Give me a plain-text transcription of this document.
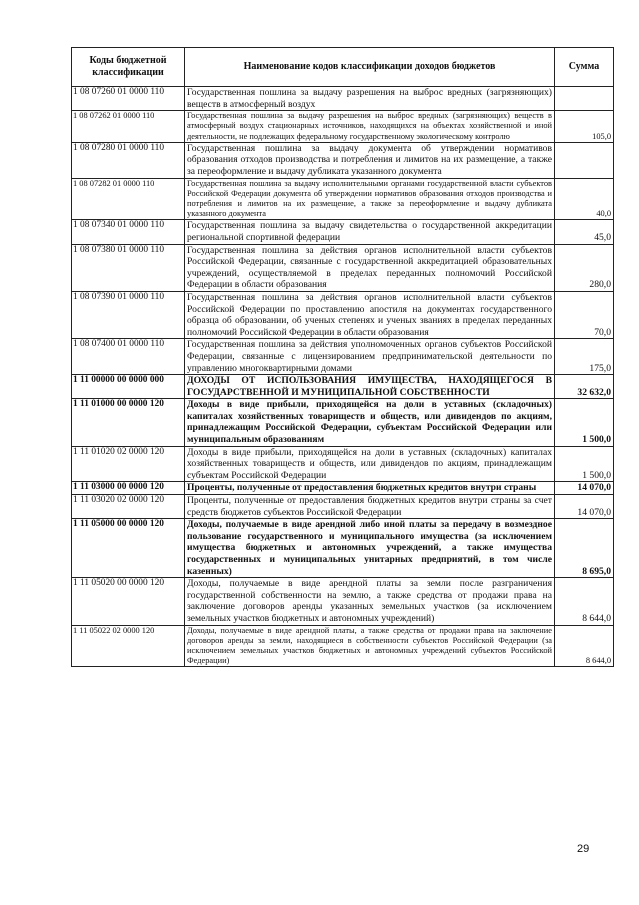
Коды бюджетной классификации	Наименование кодов классификации доходов бюджетов	Сумма
1 08 07260 01 0000 110	Государственная пошлина за выдачу разрешения на выброс вредных (загрязняющих) веществ в атмосферный воздух	
1 08 07262 01 0000 110	Государственная пошлина за выдачу разрешения на выброс вредных (загрязняющих) веществ в атмосферный воздух стационарных источников, находящихся на объектах хозяйственной и иной деятельности, не подлежащих федеральному государственному экологическому контролю	105,0
1 08 07280 01 0000 110	Государственная пошлина за выдачу документа об утверждении нормативов образования отходов производства и потребления и лимитов на их размещение, а также за переоформление и выдачу дубликата указанного документа	
1 08 07282 01 0000 110	Государственная пошлина за выдачу исполнительными органами государственной власти субъектов Российской Федерации документа об утверждении нормативов образования отходов производства и потребления и лимитов на их размещение, а также за переоформление и выдачу дубликата указанного документа	40,0
1 08 07340 01 0000 110	Государственная пошлина за выдачу свидетельства о государственной аккредитации региональной спортивной федерации	45,0
1 08 07380 01 0000 110	Государственная пошлина за действия органов исполнительной власти субъектов Российской Федерации, связанные с государственной аккредитацией образовательных учреждений, осуществляемой в пределах переданных полномочий Российской Федерации в области образования	280,0
1 08 07390 01 0000 110	Государственная пошлина за действия органов исполнительной власти субъектов Российской Федерации по проставлению апостиля на документах государственного образца об образовании, об ученых степенях и ученых званиях в пределах переданных полномочий Российской Федерации в области образования	70,0
1 08 07400 01 0000 110	Государственная пошлина за действия уполномоченных органов субъектов Российской Федерации, связанные с лицензированием предпринимательской деятельности по управлению многоквартирными домами	175,0
1 11 00000 00 0000 000	ДОХОДЫ ОТ ИСПОЛЬЗОВАНИЯ ИМУЩЕСТВА, НАХОДЯЩЕГОСЯ В ГОСУДАРСТВЕННОЙ И МУНИЦИПАЛЬНОЙ СОБСТВЕННОСТИ	32 632,0
1 11 01000 00 0000 120	Доходы в виде прибыли, приходящейся на доли в уставных (складочных) капиталах хозяйственных товариществ и обществ, или дивидендов по акциям, принадлежащим Российской Федерации, субъектам Российской Федерации или муниципальным образованиям	1 500,0
1 11 01020 02 0000 120	Доходы в виде прибыли, приходящейся на доли в уставных (складочных) капиталах хозяйственных товариществ и обществ, или дивидендов по акциям, принадлежащим субъектам Российской Федерации	1 500,0
1 11 03000 00 0000 120	Проценты, полученные от предоставления бюджетных кредитов внутри страны	14 070,0
1 11 03020 02 0000 120	Проценты, полученные от предоставления бюджетных кредитов внутри страны за счет средств бюджетов субъектов Российской Федерации	14 070,0
1 11 05000 00 0000 120	Доходы, получаемые в виде арендной либо иной платы за передачу в возмездное пользование государственного и муниципального имущества (за исключением имущества бюджетных и автономных учреждений, а также имущества государственных и муниципальных унитарных предприятий, в том числе казенных)	8 695,0
1 11 05020 00 0000 120	Доходы, получаемые в виде арендной платы за земли после разграничения государственной собственности на землю, а также средства от продажи права на заключение договоров аренды указанных земельных участков (за исключением земельных участков бюджетных и автономных учреждений)	8 644,0
1 11 05022 02 0000 120	Доходы, получаемые в виде арендной платы, а также средства от продажи права на заключение договоров аренды за земли, находящиеся в собственности субъектов Российской Федерации (за исключением земельных участков бюджетных и автономных учреждений субъектов Российской Федерации)	8 644,0
29
